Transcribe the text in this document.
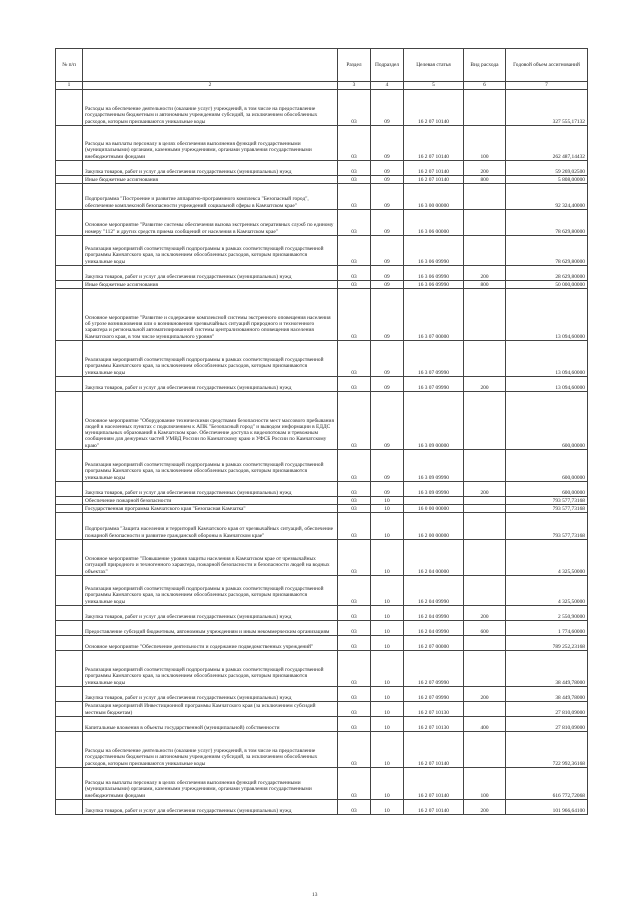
№ п/п		Раздел	Подраздел	Целевая статья	Вид расхода	Годовой объем ассигнований
1	2	3	4	5	6	7
	Расходы на обеспечение деятельности (оказание услуг) учреждений, в том числе на предоставление государственным бюджетным и автономным учреждениям субсидий, за исключением обособленных расходов, которым присваиваются уникальные коды	03	09	16 2 07 10140		327 555,17132
	Расходы на выплаты персоналу в целях обеспечения выполнения функций государственными (муниципальными) органами, казенными учреждениями, органами управления государственными внебюджетными фондами	03	09	16 2 07 10140	100	262 487,14432
	Закупка товаров, работ и услуг для обеспечения государственных (муниципальных) нужд	03	09	16 2 07 10140	200	59 269,02500
	Иные бюджетные ассигнования	03	09	16 2 07 10140	800	5 808,00000
	Подпрограмма "Построение и развитие аппаратно-программного комплекса "Безопасный город", обеспечение комплексной безопасности учреждений социальной сферы в Камчатском крае"	03	09	16 3 00 00000		92 324,40000
	Основное мероприятие "Развитие системы обеспечения вызова экстренных оперативных служб по единому номеру "112" и других средств приема сообщений от населения в Камчатском крае"	03	09	16 3 06 00000		78 629,80000
	Реализация мероприятий соответствующей подпрограммы в рамках соответствующей государственной программы Камчатского края, за исключением обособленных расходов, которым присваиваются уникальные коды	03	09	16 3 06 09990		78 629,80000
	Закупка товаров, работ и услуг для обеспечения государственных (муниципальных) нужд	03	09	16 3 06 09990	200	28 629,80000
	Иные бюджетные ассигнования	03	09	16 3 06 09990	800	50 000,00000
	Основное мероприятие "Развитие и содержание комплексной системы экстренного оповещения населения об угрозе возникновения или о возникновении чрезвычайных ситуаций природного и техногенного характера и региональной автоматизированной системы централизованного оповещения населения Камчатского края, в том числе муниципального уровня"	03	09	16 3 07 00000		13 094,60000
	Реализация мероприятий соответствующей подпрограммы в рамках соответствующей государственной программы Камчатского края, за исключением обособленных расходов, которым присваиваются уникальные коды	03	09	16 3 07 09990		13 094,60000
	Закупка товаров, работ и услуг для обеспечения государственных (муниципальных) нужд	03	09	16 3 07 09990	200	13 094,60000
	Основное мероприятие "Оборудование техническими средствами безопасности мест массового пребывания людей в населенных пунктах с подключением к АПК "Безопасный город" и выводом информации в ЕДДС муниципальных образований в Камчатском крае. Обеспечение доступа к видеопотокам и тревожным сообщениям для дежурных частей УМВД России по Камчатскому краю и УФСБ России по Камчатскому краю"	03	09	16 3 09 00000		600,00000
	Реализация мероприятий соответствующей подпрограммы в рамках соответствующей государственной программы Камчатского края, за исключением обособленных расходов, которым присваиваются уникальные коды	03	09	16 3 09 09990		600,00000
	Закупка товаров, работ и услуг для обеспечения государственных (муниципальных) нужд	03	09	16 3 09 09990	200	600,00000
	Обеспечение пожарной безопасности	03	10			793 577,73168
	Государственная программа Камчатского края "Безопасная Камчатка"	03	10	16 0 00 00000		793 577,73168
	Подпрограмма "Защита населения и территорий Камчатского края от чрезвычайных ситуаций, обеспечение пожарной безопасности и развитие гражданской обороны в Камчатском крае"	03	10	16 2 00 00000		793 577,73168
	Основное мероприятие "Повышение уровня защиты населения в Камчатском крае от чрезвычайных ситуаций природного и техногенного характера, пожарной безопасности и безопасности людей на водных объектах"	03	10	16 2 04 00000		4 325,50000
	Реализация мероприятий соответствующей подпрограммы в рамках соответствующей государственной программы Камчатского края, за исключением обособленных расходов, которым присваиваются уникальные коды	03	10	16 2 04 09990		4 325,50000
	Закупка товаров, работ и услуг для обеспечения государственных (муниципальных) нужд	03	10	16 2 04 09990	200	2 550,90000
	Предоставление субсидий бюджетным, автономным учреждениям и иным некоммерческим организациям	03	10	16 2 04 09990	600	1 774,60000
	Основное мероприятие "Обеспечение деятельности и содержание подведомственных учреждений"	03	10	16 2 07 00000		789 252,23168
	Реализация мероприятий соответствующей подпрограммы в рамках соответствующей государственной программы Камчатского края, за исключением обособленных расходов, которым присваиваются уникальные коды	03	10	16 2 07 09990		38 449,78000
	Закупка товаров, работ и услуг для обеспечения государственных (муниципальных) нужд	03	10	16 2 07 09990	200	38 449,78000
	Реализация мероприятий Инвестиционной программы Камчатского края (за исключением субсидий местным бюджетам)	03	10	16 2 07 10130		27 810,09000
	Капитальные вложения в объекты государственной (муниципальной) собственности	03	10	16 2 07 10130	400	27 810,09000
	Расходы на обеспечение деятельности (оказание услуг) учреждений, в том числе на предоставление государственным бюджетным и автономным учреждениям субсидий, за исключением обособленных расходов, которым присваиваются уникальные коды	03	10	16 2 07 10140		722 992,36168
	Расходы на выплаты персоналу в целях обеспечения выполнения функций государственными (муниципальными) органами, казенными учреждениями, органами управления государственными внебюджетными фондами	03	10	16 2 07 10140	100	616 772,72068
	Закупка товаров, работ и услуг для обеспечения государственных (муниципальных) нужд	03	10	16 2 07 10140	200	101 966,64100
13
